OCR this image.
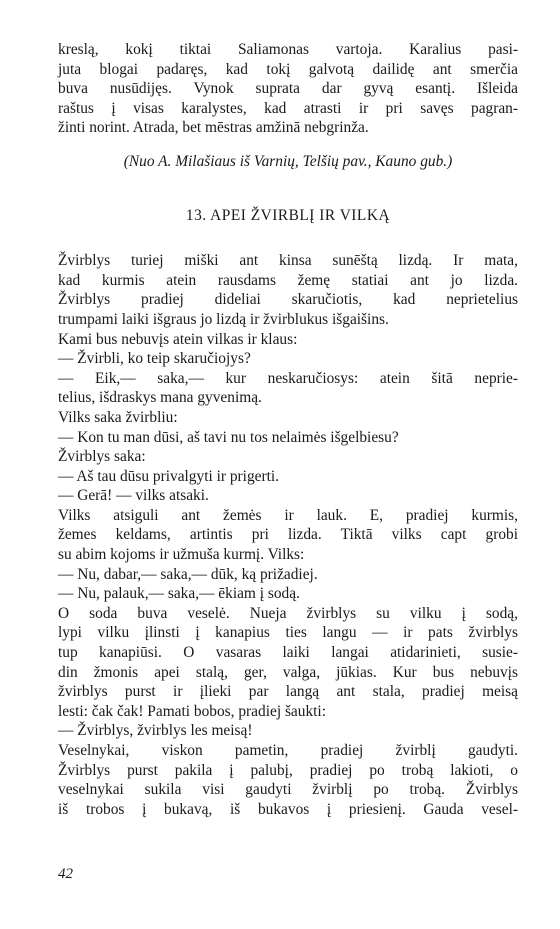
kreslą, kokį tiktai Saliamonas vartoja. Karalius pasi-
juta blogai padaręs, kad tokį galvotą dailidę ant smerčia
buva nusūdijęs. Vynok suprata dar gyvą esantį. Išleida
raštus į visas karalystes, kad atrasti ir pri savęs pagran-
žinti norint. Atrada, bet mēstras amžinā nebgrinža.
(Nuo A. Milašiaus iš Varnių, Telšių pav., Kauno gub.)
13. APEI ŽVIRBLĮ IR VILKĄ
Žvirblys turiej miški ant kinsa sunēštą lizdą. Ir mata,
kad kurmis atein rausdams žemę statiai ant jo lizda.
Žvirblys pradiej dideliai skaručiotis, kad neprietelius
trumpami laiki išgraus jo lizdą ir žvirblukus išgaišins.
Kami bus nebuvįs atein vilkas ir klaus:
— Žvirbli, ko teip skaručiojys?
— Eik,— saka,— kur neskaručiosys: atein šitā neprie-
telius, išdraskys mana gyvenimą.
Vilks saka žvirbliu:
— Kon tu man dūsi, aš tavi nu tos nelaimės išgelbiesu?
Žvirblys saka:
— Aš tau dūsu privalgyti ir prigerti.
— Gerā! — vilks atsaki.
Vilks atsiguli ant žemės ir lauk. E, pradiej kurmis,
žemes keldams, artintis pri lizda. Tiktā vilks capt grobi
su abim kojoms ir užmuša kurmį. Vilks:
— Nu, dabar,— saka,— dūk, ką prižadiej.
— Nu, palauk,— saka,— ēkiam į sodą.
O soda buva veselė. Nueja žvirblys su vilku į sodą,
lypi vilku įlinsti į kanapius ties langu — ir pats žvirblys
tup kanapiūsi. O vasaras laiki langai atidarinieti, susie-
din žmonis apei stalą, ger, valga, jūkias. Kur bus nebuvįs
žvirblys purst ir įlieki par langą ant stala, pradiej meisą
lesti: čak čak! Pamati bobos, pradiej šaukti:
— Žvirblys, žvirblys les meisą!
Veselnykai, viskon pametin, pradiej žvirblį gaudyti.
Žvirblys purst pakila į palubį, pradiej po trobą lakioti, o
veselnykai sukila visi gaudyti žvirblį po trobą. Žvirblys
iš trobos į bukavą, iš bukavos į priesienį. Gauda vesel-
42
